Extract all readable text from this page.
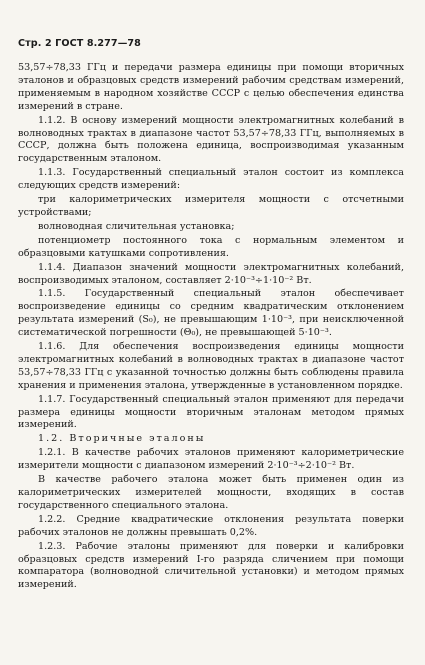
Стр. 2 ГОСТ 8.277—78

53,57÷78,33 ГГц и передачи размера единицы при помощи вторичных эталонов и образцовых средств измерений рабочим средствам измерений, применяемым в народном хозяйстве СССР с целью обеспечения единства измерений в стране.

1.1.2. В основу измерений мощности электромагнитных колебаний в волноводных трактах в диапазоне частот 53,57÷78,33 ГГц, выполняемых в СССР, должна быть положена единица, воспроизводимая указанным государственным эталоном.

1.1.3. Государственный специальный эталон состоит из комплекса следующих средств измерений:

три калориметрических измерителя мощности с отсчетными устройствами;

волноводная сличительная установка;

потенциометр постоянного тока с нормальным элементом и образцовыми катушками сопротивления.

1.1.4. Диапазон значений мощности электромагнитных колебаний, воспроизводимых эталоном, составляет 2·10⁻³÷1·10⁻² Вт.

1.1.5. Государственный специальный эталон обеспечивает воспроизведение единицы со средним квадратическим отклонением результата измерений (S₀), не превышающим 1·10⁻³, при неисключенной систематической погрешности (Θ₀), не превышающей 5·10⁻³.

1.1.6. Для обеспечения воспроизведения единицы мощности электромагнитных колебаний в волноводных трактах в диапазоне частот 53,57÷78,33 ГГц с указанной точностью должны быть соблюдены правила хранения и применения эталона, утвержденные в установленном порядке.

1.1.7. Государственный специальный эталон применяют для передачи размера единицы мощности вторичным эталонам методом прямых измерений.

1.2. Вторичные эталоны

1.2.1. В качестве рабочих эталонов применяют калориметрические измерители мощности с диапазоном измерений 2·10⁻³÷2·10⁻² Вт.

В качестве рабочего эталона может быть применен один из калориметрических измерителей мощности, входящих в состав государственного специального эталона.

1.2.2. Средние квадратические отклонения результата поверки рабочих эталонов не должны превышать 0,2%.

1.2.3. Рабочие эталоны применяют для поверки и калибровки образцовых средств измерений I-го разряда сличением при помощи компаратора (волноводной сличительной установки) и методом прямых измерений.
